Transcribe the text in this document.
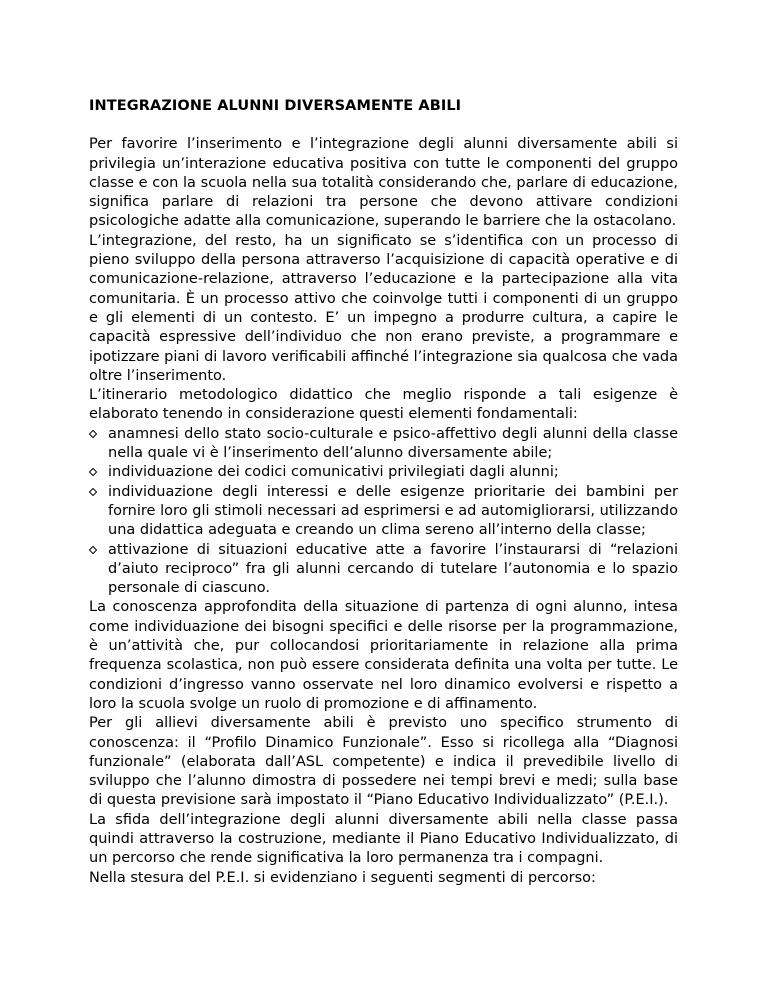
INTEGRAZIONE ALUNNI DIVERSAMENTE ABILI

Per favorire l’inserimento e l’integrazione degli alunni diversamente abili si privilegia un’interazione educativa positiva con tutte le componenti del gruppo classe e con la scuola nella sua totalità considerando che, parlare di educazione, significa parlare di relazioni tra persone che devono attivare condizioni psicologiche adatte alla comunicazione, superando le barriere che la ostacolano.

L’integrazione, del resto, ha un significato se s’identifica con un processo di pieno sviluppo della persona attraverso l’acquisizione di capacità operative e di comunicazione-relazione, attraverso l’educazione e la partecipazione alla vita comunitaria. È un processo attivo che coinvolge tutti i componenti di un gruppo e gli elementi di un contesto. E’ un impegno a produrre cultura, a capire le capacità espressive dell’individuo che non erano previste, a programmare e ipotizzare piani di lavoro verificabili affinché l’integrazione sia qualcosa che vada oltre l’inserimento.

L’itinerario metodologico didattico che meglio risponde a tali esigenze è elaborato tenendo in considerazione questi elementi fondamentali:

anamnesi dello stato socio-culturale e psico-affettivo degli alunni della classe nella quale vi è l’inserimento dell’alunno diversamente abile;
individuazione dei codici comunicativi privilegiati dagli alunni;
individuazione degli interessi e delle esigenze prioritarie dei bambini per fornire loro gli stimoli necessari ad esprimersi e ad automigliorarsi, utilizzando una didattica adeguata e creando un clima sereno all’interno della classe;
attivazione di situazioni educative atte a favorire l’instaurarsi di “relazioni d’aiuto reciproco” fra gli alunni cercando di tutelare l’autonomia e lo spazio personale di ciascuno.

La conoscenza approfondita della situazione di partenza di ogni alunno, intesa come individuazione dei bisogni specifici e delle risorse per la programmazione, è un’attività che, pur collocandosi prioritariamente in relazione alla prima frequenza scolastica, non può essere considerata definita una volta per tutte. Le condizioni d’ingresso vanno osservate nel loro dinamico evolversi e rispetto a loro la scuola svolge un ruolo di promozione e di affinamento.

Per gli allievi diversamente abili è previsto uno specifico strumento di conoscenza: il “Profilo Dinamico Funzionale”. Esso si ricollega alla “Diagnosi funzionale” (elaborata dall’ASL competente) e indica il prevedibile livello di sviluppo che l’alunno dimostra di possedere nei tempi brevi e medi; sulla base di questa previsione sarà impostato il “Piano Educativo Individualizzato” (P.E.I.).

La sfida dell’integrazione degli alunni diversamente abili nella classe passa quindi attraverso la costruzione, mediante il Piano Educativo Individualizzato, di un percorso che rende significativa la loro permanenza tra i compagni.

Nella stesura del P.E.I. si evidenziano i seguenti segmenti di percorso:
